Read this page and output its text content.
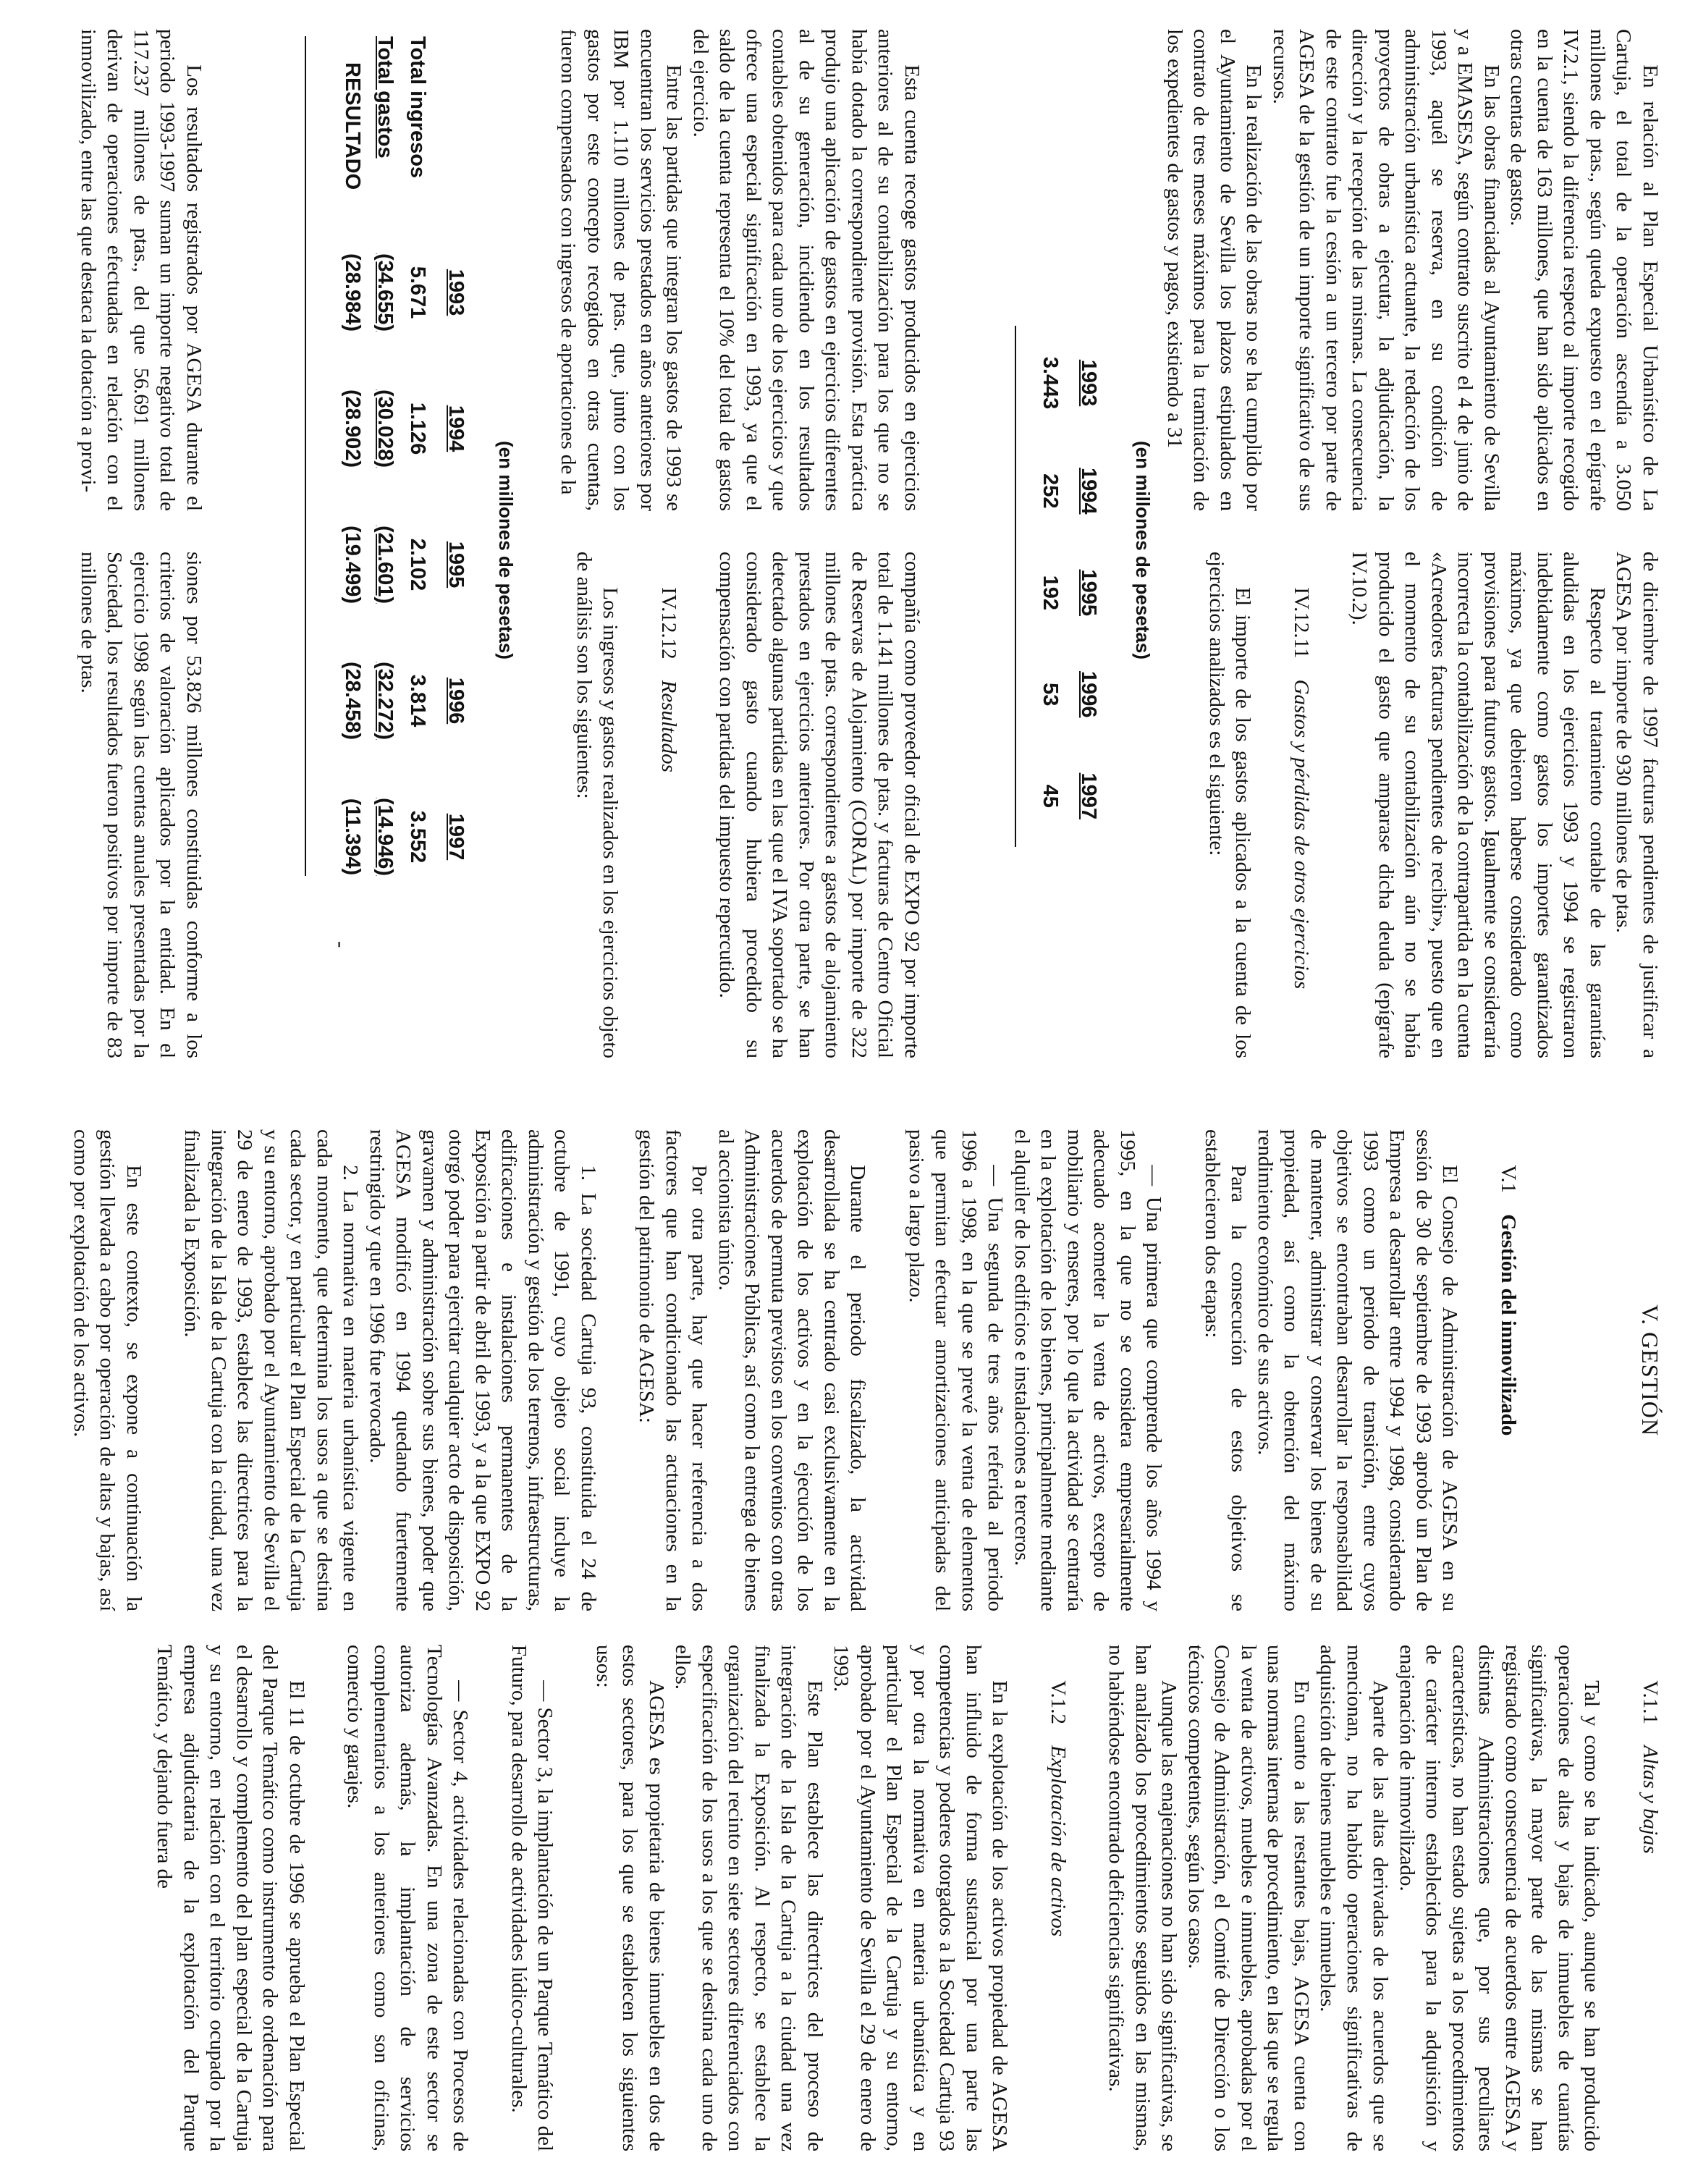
En relación al Plan Especial Urbanístico de La Cartuja, el total de la operación ascendía a 3.050 millones de ptas., según queda expuesto en el epígrafe IV.2.1, siendo la diferencia respecto al importe recogido en la cuenta de 163 millones, que han sido aplicados en otras cuentas de gastos.

En las obras financiadas al Ayuntamiento de Sevilla y a EMASESA, según contrato suscrito el 4 de junio de 1993, aquél se reserva, en su condición de administración urbanística actuante, la redacción de los proyectos de obras a ejecutar, la adjudicación, la dirección y la recepción de las mismas. La consecuencia de este contrato fue la cesión a un tercero por parte de AGESA de la gestión de un importe significativo de sus recursos.

En la realización de las obras no se ha cumplido por el Ayuntamiento de Sevilla los plazos estipulados en contrato de tres meses máximos para la tramitación de los expedientes de gastos y pagos, existiendo a 31

de diciembre de 1997 facturas pendientes de justificar a AGESA por importe de 930 millones de ptas.

Respecto al tratamiento contable de las garantías aludidas en los ejercicios 1993 y 1994 se registraron indebidamente como gastos los importes garantizados máximos, ya que debieron haberse considerado como provisiones para futuros gastos. Igualmente se consideraría incorrecta la contabilización de la contrapartida en la cuenta «Acreedores facturas pendientes de recibir», puesto que en el momento de su contabilización aún no se había producido el gasto que amparase dicha deuda (epígrafe IV.10.2).

IV.12.11    Gastos y pérdidas de otros ejercicios

El importe de los gastos aplicados a la cuenta de los ejercicios analizados es el siguiente:

(en millones de pesetas)
1993	1994	1995	1996	1997
3.443	252	192	53	45

Esta cuenta recoge gastos producidos en ejercicios anteriores al de su contabilización para los que no se había dotado la correspondiente provisión. Esta práctica produjo una aplicación de gastos en ejercicios diferentes al de su generación, incidiendo en los resultados contables obtenidos para cada uno de los ejercicios y que ofrece una especial significación en 1993, ya que el saldo de la cuenta representa el 10% del total de gastos del ejercicio.

Entre las partidas que integran los gastos de 1993 se encuentran los servicios prestados en años anteriores por IBM por 1.110 millones de ptas. que, junto con los gastos por este concepto recogidos en otras cuentas, fueron compensados con ingresos de aportaciones de la

compañía como proveedor oficial de EXPO 92 por importe total de 1.141 millones de ptas. y facturas de Centro Oficial de Reservas de Alojamiento (CORAL) por importe de 322 millones de ptas. correspondientes a gastos de alojamiento prestados en ejercicios anteriores. Por otra parte, se han detectado algunas partidas en las que el IVA soportado se ha considerado gasto cuando hubiera procedido su compensación con partidas del impuesto repercutido.

IV.12.12    Resultados

Los ingresos y gastos realizados en los ejercicios objeto de análisis son los siguientes:

(en millones de pesetas)
	1993	1994	1995	1996	1997
Total ingresos	5.671	1.126	2.102	3.814	3.552
Total gastos	(34.655)	(30.028)	(21.601)	(32.272)	(14.946)
RESULTADO	(28.984)	(28.902)	(19.499)	(28.458)	(11.394)
-

Los resultados registrados por AGESA durante el periodo 1993-1997 suman un importe negativo total de 117.237 millones de ptas., del que 56.691 millones derivan de operaciones efectuadas en relación con el inmovilizado, entre las que destaca la dotación a provi-

siones por 53.826 millones constituidas conforme a los criterios de valoración aplicados por la entidad. En el ejercicio 1998 según las cuentas anuales presentadas por la Sociedad, los resultados fueron positivos por importe de 83 millones de ptas.

V. GESTIÓN

V.1    Gestión del inmovilizado

El Consejo de Administración de AGESA en su sesión de 30 de septiembre de 1993 aprobó un Plan de Empresa a desarrollar entre 1994 y 1998, considerando 1993 como un periodo de transición, entre cuyos objetivos se encontraban desarrollar la responsabilidad de mantener, administrar y conservar los bienes de su propiedad, así como la obtención del máximo rendimiento económico de sus activos.

Para la consecución de estos objetivos se establecieron dos etapas:

— Una primera que comprende los años 1994 y 1995, en la que no se considera empresarialmente adecuado acometer la venta de activos, excepto de mobiliario y enseres, por lo que la actividad se centraría en la explotación de los bienes, principalmente mediante el alquiler de los edificios e instalaciones a terceros.

— Una segunda de tres años referida al periodo 1996 a 1998, en la que se prevé la venta de elementos que permitan efectuar amortizaciones anticipadas del pasivo a largo plazo.

Durante el periodo fiscalizado, la actividad desarrollada se ha centrado casi exclusivamente en la explotación de los activos y en la ejecución de los acuerdos de permuta previstos en los convenios con otras Administraciones Públicas, así como la entrega de bienes al accionista único.

Por otra parte, hay que hacer referencia a dos factores que han condicionado las actuaciones en la gestión del patrimonio de AGESA:

1. La sociedad Cartuja 93, constituida el 24 de octubre de 1991, cuyo objeto social incluye la administración y gestión de los terrenos, infraestructuras, edificaciones e instalaciones permanentes de la Exposición a partir de abril de 1993, y a la que EXPO 92 otorgó poder para ejercitar cualquier acto de disposición, gravamen y administración sobre sus bienes, poder que AGESA modificó en 1994 quedando fuertemente restringido y que en 1996 fue revocado.

2. La normativa en materia urbanística vigente en cada momento, que determina los usos a que se destina cada sector, y en particular el Plan Especial de la Cartuja y su entorno, aprobado por el Ayuntamiento de Sevilla el 29 de enero de 1993, establece las directrices para la integración de la Isla de la Cartuja con la ciudad, una vez finalizada la Exposición.

En este contexto, se expone a continuación la gestión llevada a cabo por operación de altas y bajas, así como por explotación de los activos.

V.1.1    Altas y bajas

Tal y como se ha indicado, aunque se han producido operaciones de altas y bajas de inmuebles de cuantías significativas, la mayor parte de las mismas se han registrado como consecuencia de acuerdos entre AGESA y distintas Administraciones que, por sus peculiares características, no han estado sujetas a los procedimientos de carácter interno establecidos para la adquisición y enajenación de inmovilizado.

Aparte de las altas derivadas de los acuerdos que se mencionan, no ha habido operaciones significativas de adquisición de bienes muebles e inmuebles.

En cuanto a las restantes bajas, AGESA cuenta con unas normas internas de procedimiento, en las que se regula la venta de activos, muebles e inmuebles, aprobadas por el Consejo de Administración, el Comité de Dirección o los técnicos competentes, según los casos.

Aunque las enajenaciones no han sido significativas, se han analizado los procedimientos seguidos en las mismas, no habiéndose encontrado deficiencias significativas.

V.1.2    Explotación de activos

En la explotación de los activos propiedad de AGESA han influido de forma sustancial por una parte las competencias y poderes otorgados a la Sociedad Cartuja 93 y por otra la normativa en materia urbanística y en particular el Plan Especial de la Cartuja y su entorno, aprobado por el Ayuntamiento de Sevilla el 29 de enero de 1993.

Este Plan establece las directrices del proceso de integración de la Isla de la Cartuja a la ciudad una vez finalizada la Exposición. Al respecto, se establece la organización del recinto en siete sectores diferenciados con especificación de los usos a los que se destina cada uno de ellos.

AGESA es propietaria de bienes inmuebles en dos de estos sectores, para los que se establecen los siguientes usos:

— Sector 3, la implantación de un Parque Temático del Futuro, para desarrollo de actividades lúdico-culturales.

— Sector 4, actividades relacionadas con Procesos de Tecnologías Avanzadas. En una zona de este sector se autoriza además, la implantación de servicios complementarios a los anteriores como son oficinas, comercio y garajes.

El 11 de octubre de 1996 se aprueba el Plan Especial del Parque Temático como instrumento de ordenación para el desarrollo y complemento del plan especial de la Cartuja y su entorno, en relación con el territorio ocupado por la empresa adjudicataria de la explotación del Parque Temático, y dejando fuera de
